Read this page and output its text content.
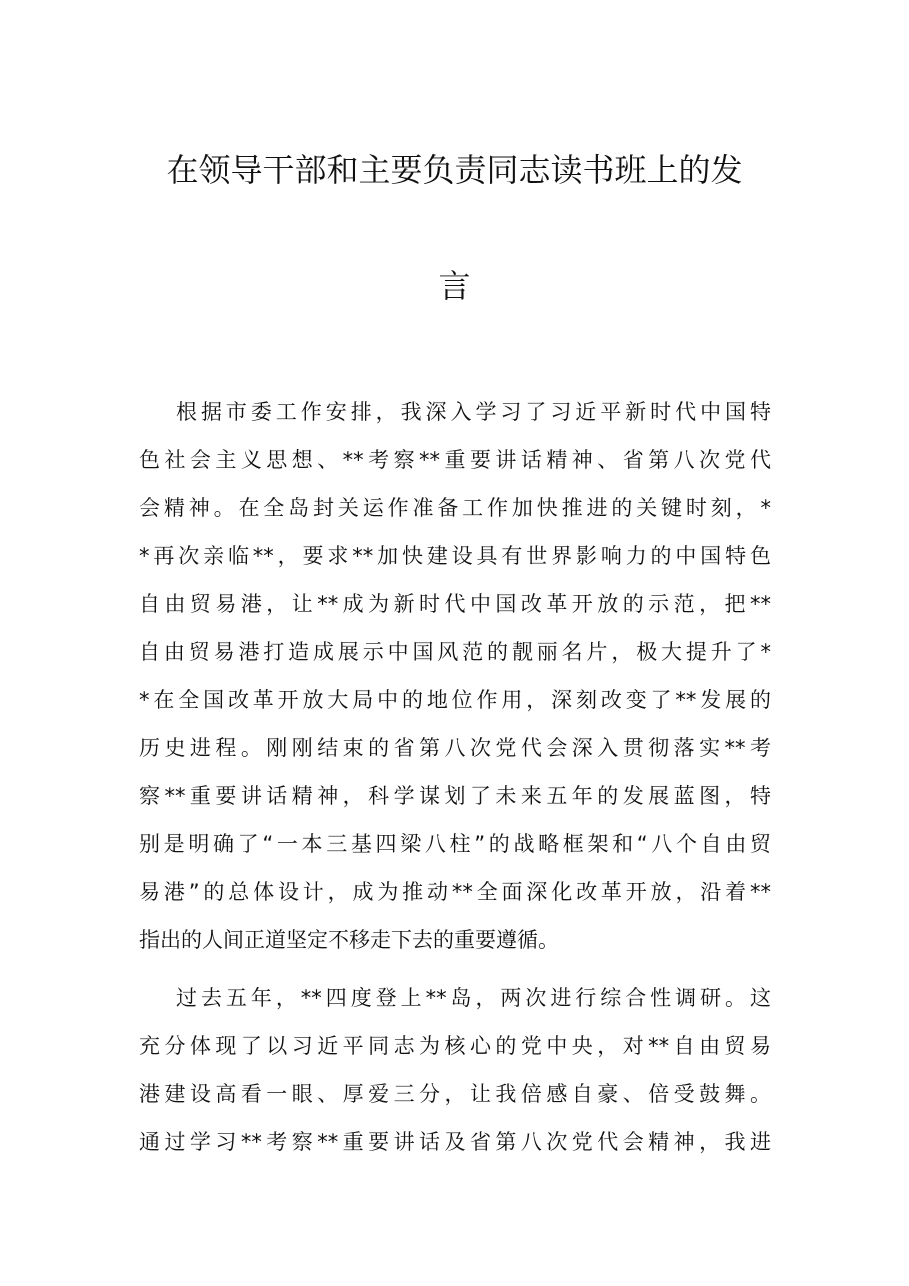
在领导干部和主要负责同志读书班上的发
言
根据市委工作安排，我深入学习了习近平新时代中国特
色社会主义思想、**考察**重要讲话精神、省第八次党代
会精神。在全岛封关运作准备工作加快推进的关键时刻，*
*再次亲临**，要求**加快建设具有世界影响力的中国特色
自由贸易港，让**成为新时代中国改革开放的示范，把**
自由贸易港打造成展示中国风范的靓丽名片，极大提升了*
*在全国改革开放大局中的地位作用，深刻改变了**发展的
历史进程。刚刚结束的省第八次党代会深入贯彻落实**考
察**重要讲话精神，科学谋划了未来五年的发展蓝图，特
别是明确了“一本三基四梁八柱”的战略框架和“八个自由贸
易港”的总体设计，成为推动**全面深化改革开放，沿着**
指出的人间正道坚定不移走下去的重要遵循。
过去五年，**四度登上**岛，两次进行综合性调研。这
充分体现了以习近平同志为核心的党中央，对**自由贸易
港建设高看一眼、厚爱三分，让我倍感自豪、倍受鼓舞。
通过学习**考察**重要讲话及省第八次党代会精神，我进
